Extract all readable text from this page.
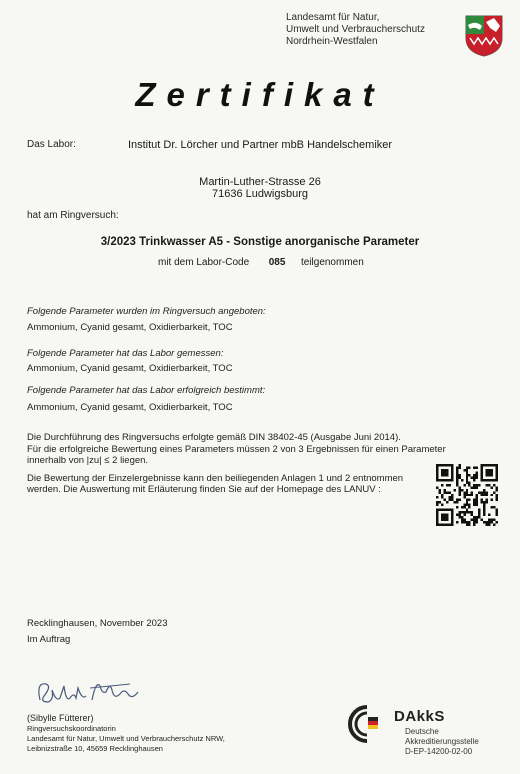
Landesamt für Natur,
Umwelt und Verbraucherschutz
Nordrhein-Westfalen
Zertifikat
Das Labor:	Institut Dr. Lörcher und Partner mbB Handelschemiker
Martin-Luther-Strasse 26
71636 Ludwigsburg
hat am Ringversuch:
3/2023 Trinkwasser A5 - Sonstige anorganische Parameter
mit dem Labor-Code 085 teilgenommen
Folgende Parameter wurden im Ringversuch angeboten:
Ammonium, Cyanid gesamt, Oxidierbarkeit, TOC
Folgende Parameter hat das Labor gemessen:
Ammonium, Cyanid gesamt, Oxidierbarkeit, TOC
Folgende Parameter hat das Labor erfolgreich bestimmt:
Ammonium, Cyanid gesamt, Oxidierbarkeit, TOC
Die Durchführung des Ringversuchs erfolgte gemäß DIN 38402-45 (Ausgabe Juni 2014).
Für die erfolgreiche Bewertung eines Parameters müssen 2 von 3 Ergebnissen für einen Parameter
innerhalb von |zu| ≤ 2 liegen.
Die Bewertung der Einzelergebnisse kann den beiliegenden Anlagen 1 und 2 entnommen
werden. Die Auswertung mit Erläuterung finden Sie auf der Homepage des LANUV :
Recklinghausen, November 2023
Im Auftrag
(Sibylle Fütterer)
Ringversuchskoordinatorin
Landesamt für Natur, Umwelt und Verbraucherschutz NRW,
Leibnizstraße 10, 45659 Recklinghausen
DAkkS
Deutsche
Akkreditierungsstelle
D-EP-14200-02-00
